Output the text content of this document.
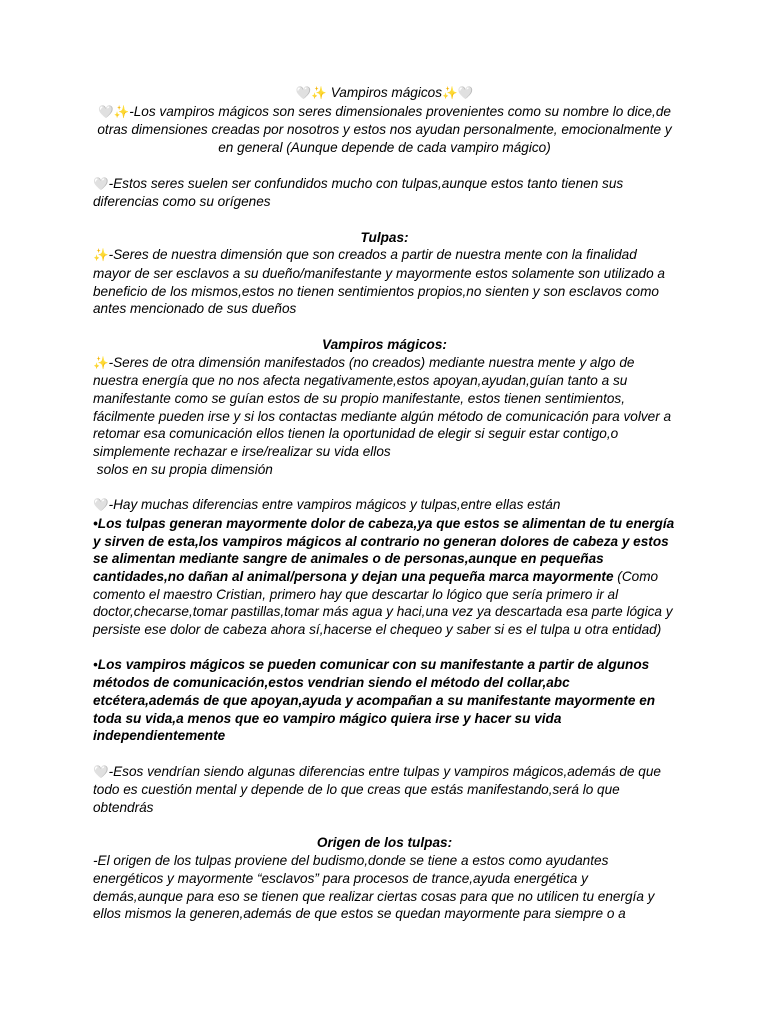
🤍✨ Vampiros mágicos✨🤍

🤍✨-Los vampiros mágicos son seres dimensionales provenientes como su nombre lo dice,de otras dimensiones creadas por nosotros y estos nos ayudan personalmente, emocionalmente y en general (Aunque depende de cada vampiro mágico)

🤍-Estos seres suelen ser confundidos mucho con tulpas,aunque estos tanto tienen sus diferencias como su orígenes

Tulpas:

✨-Seres de nuestra dimensión que son creados a partir de nuestra mente con la finalidad mayor de ser esclavos a su dueño/manifestante y mayormente estos solamente son utilizado a beneficio de los mismos,estos no tienen sentimientos propios,no sienten y son esclavos como antes mencionado de sus dueños

Vampiros mágicos:

✨-Seres de otra dimensión manifestados (no creados) mediante nuestra mente y algo de nuestra energía que no nos afecta negativamente,estos apoyan,ayudan,guían tanto a su manifestante como se guían estos de su propio manifestante, estos tienen sentimientos, fácilmente pueden irse y si los contactas mediante algún método de comunicación para volver a retomar esa comunicación ellos tienen la oportunidad de elegir si seguir estar contigo,o simplemente rechazar e irse/realizar su vida ellos

solos en su propia dimensión

🤍-Hay muchas diferencias entre vampiros mágicos y tulpas,entre ellas están

•Los tulpas generan mayormente dolor de cabeza,ya que estos se alimentan de tu energía y sirven de esta,los vampiros mágicos al contrario no generan dolores de cabeza y estos se alimentan mediante sangre de animales o de personas,aunque en pequeñas cantidades,no dañan al animal/persona y dejan una pequeña marca mayormente (Como comento el maestro Cristian, primero hay que descartar lo lógico que sería primero ir al doctor,checarse,tomar pastillas,tomar más agua y haci,una vez ya descartada esa parte lógica y persiste ese dolor de cabeza ahora sí,hacerse el chequeo y saber si es el tulpa u otra entidad)

•Los vampiros mágicos se pueden comunicar con su manifestante a partir de algunos métodos de comunicación,estos vendrian siendo el método del collar,abc etcétera,además de que apoyan,ayuda y acompañan a su manifestante mayormente en toda su vida,a menos que eo vampiro mágico quiera irse y hacer su vida independientemente

🤍-Esos vendrían siendo algunas diferencias entre tulpas y vampiros mágicos,además de que todo es cuestión mental y depende de lo que creas que estás manifestando,será lo que obtendrás

Origen de los tulpas:

-El origen de los tulpas proviene del budismo,donde se tiene a estos como ayudantes energéticos y mayormente “esclavos” para procesos de trance,ayuda energética y demás,aunque para eso se tienen que realizar ciertas cosas para que no utilicen tu energía y ellos mismos la generen,además de que estos se quedan mayormente para siempre o a
